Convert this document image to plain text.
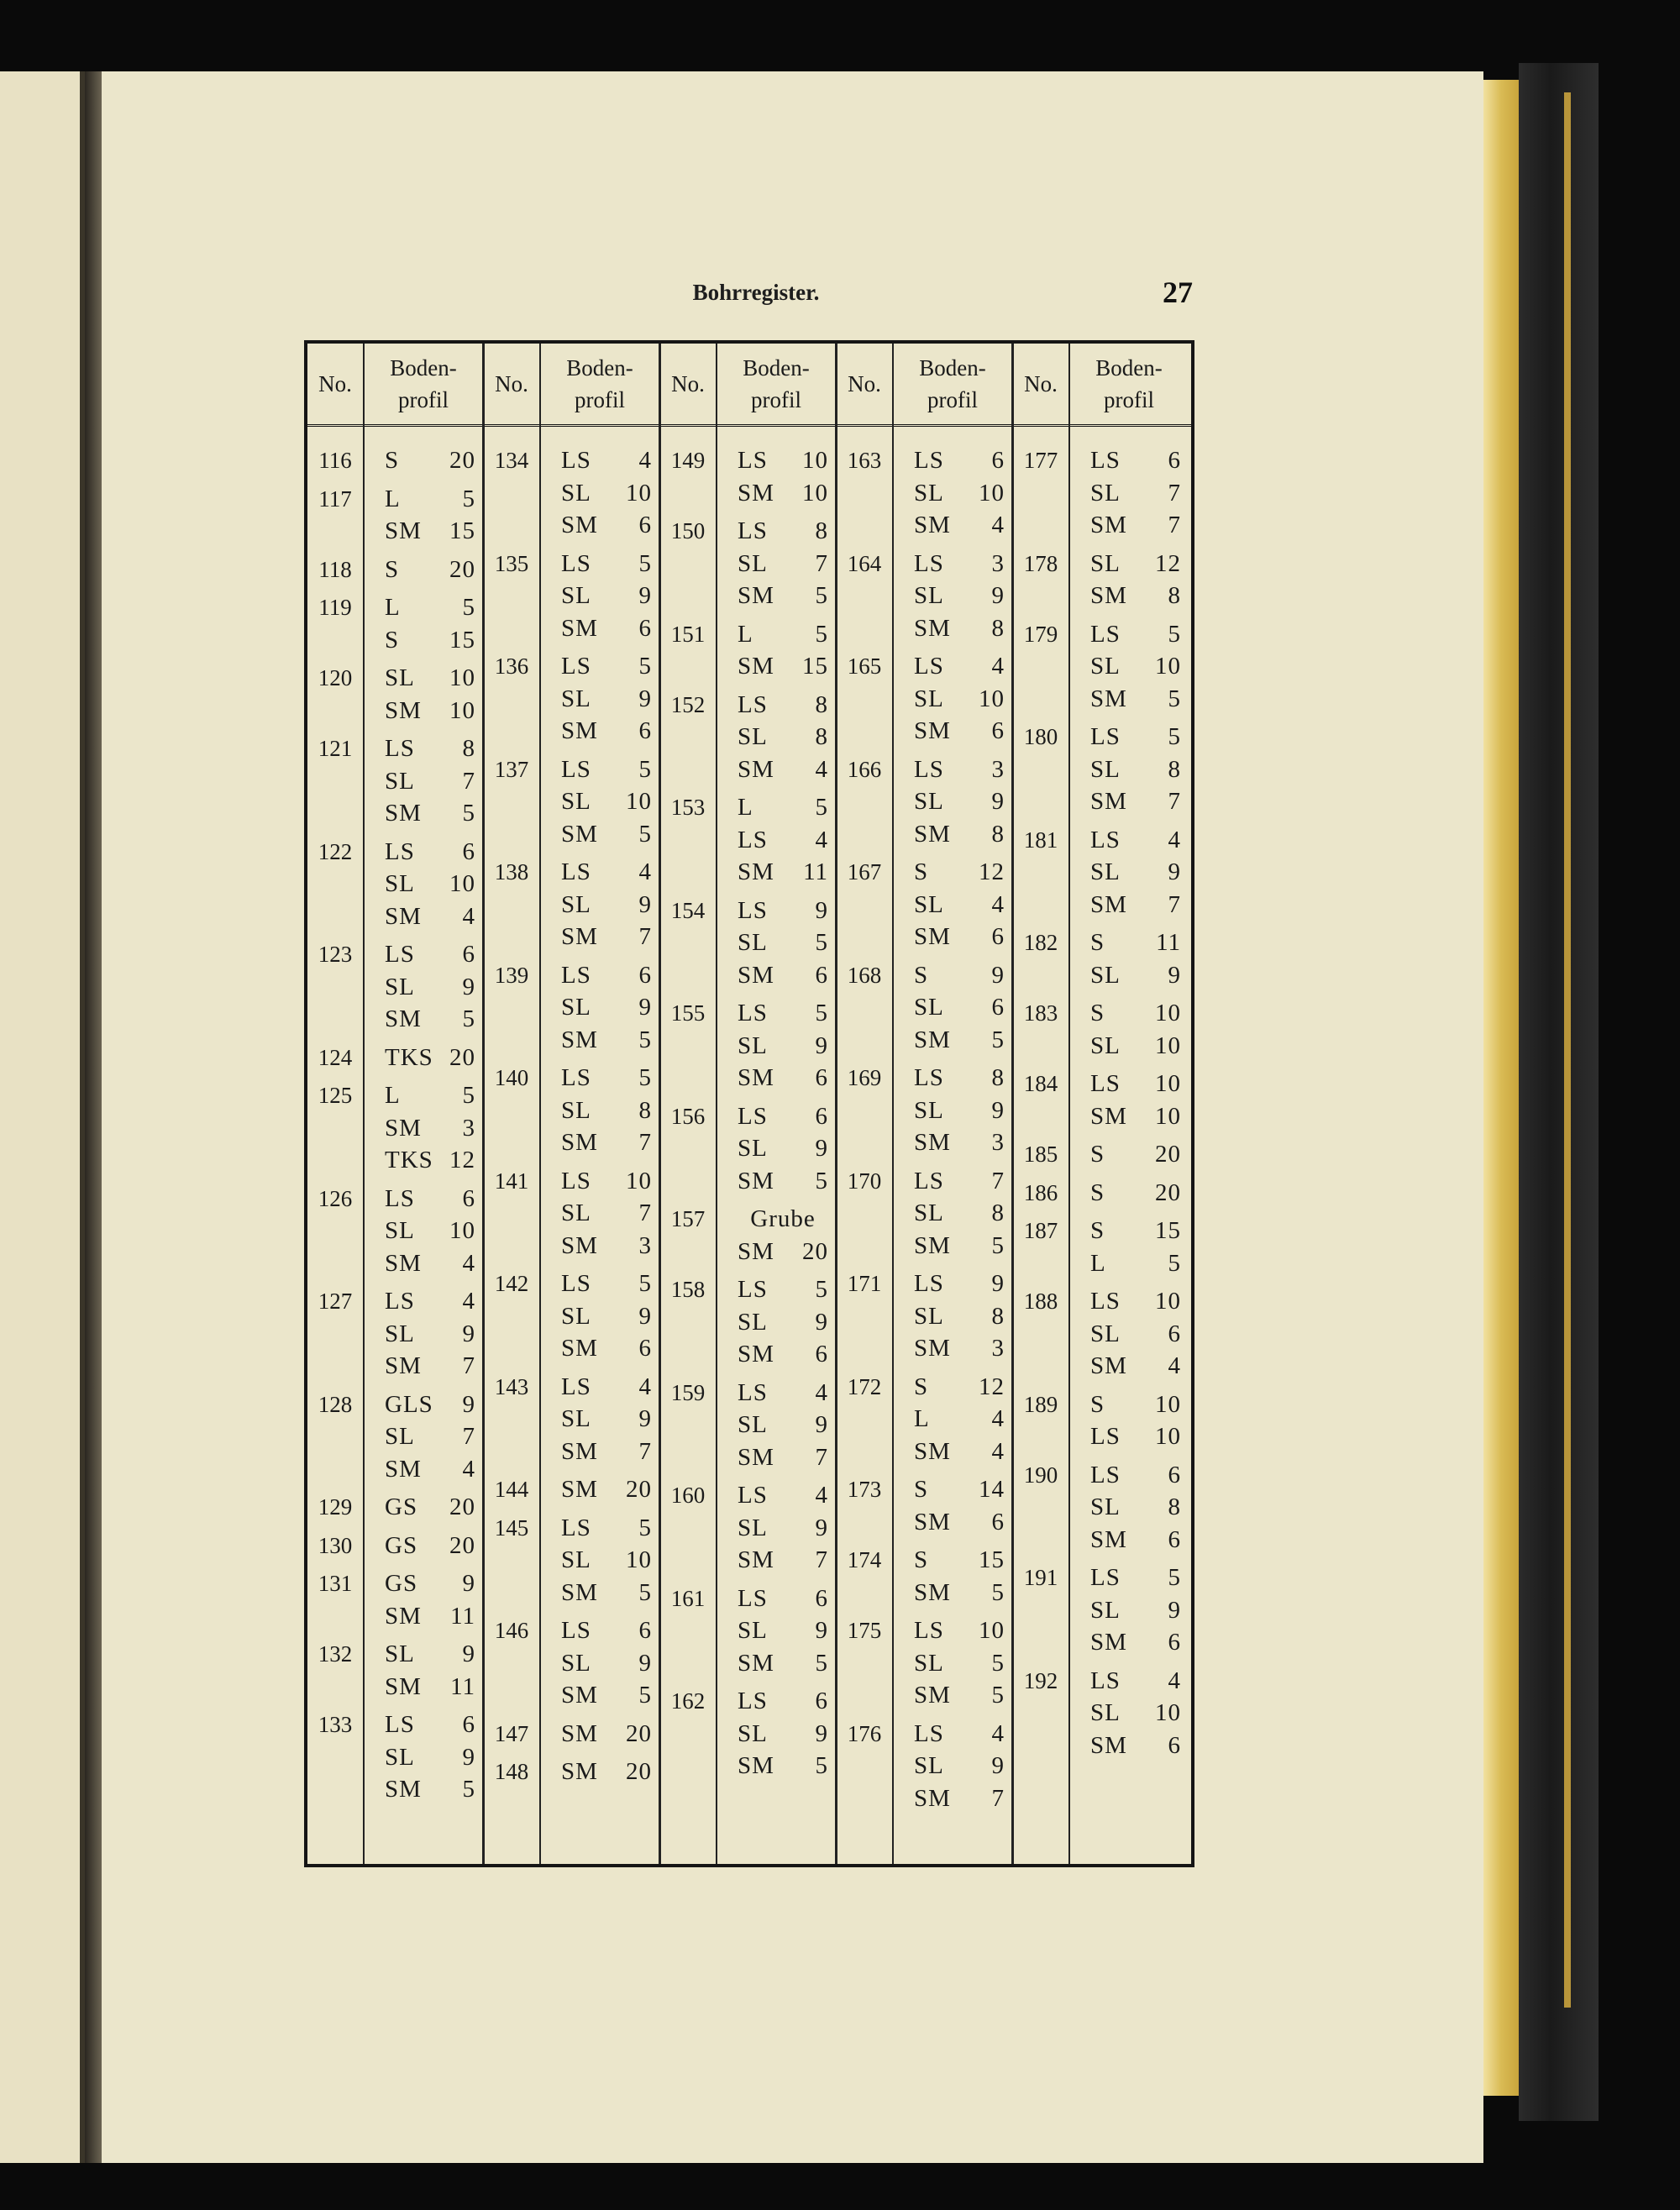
Bohrregister.	27
No.
Boden-
profil
No.
Boden-
profil
No.
Boden-
profil
No.
Boden-
profil
No.
Boden-
profil
116	S 20
117	L	5
SM 15
118	S 20
119	L	5
S 15
120	SL 10
SM 10
121	LS 8
SL 7
SM 5
122	LS 6
SL 10
SM 4
123	LS 6
SL 9
SM 5
124	TKS 20
125	L	5
SM 3
TKS 12
126	LS 6
SL 10
SM 4
127	LS 4
SL 9
SM 7
128	GLS 9
SL 7
SM 4
129	GS 20
130	GS 20
131	GS 9
SM 11
132	SL 9
SM 11
133	LS 6
SL 9
SM 5
134	LS 4
SL 10
SM 6
135	LS 5
SL 9
SM 6
136	LS 5
SL 9
SM 6
137	LS 5
SL 10
SM 5
138	LS 4
SL 9
SM 7
139	LS 6
SL 9
SM 5
140	LS 5
SL 8
SM 7
141	LS 10
SL 7
SM 3
142	LS 5
SL 9
SM 6
143	LS 4
SL 9
SM 7
144	SM 20
145	LS 5
SL 10
SM 5
146	LS 6
SL 9
SM 5
147	SM 20
148	SM 20
149	LS 10
SM 10
150	LS 8
SL 7
SM 5
151	L	5
SM 15
152	LS 8
SL 8
SM 4
153	L	5
LS 4
SM 11
154	LS 9
SL 5
SM 6
155	LS 5
SL 9
SM 6
156	LS 6
SL 9
SM 5
157	Grube
SM 20
158	LS 5
SL 9
SM 6
159	LS 4
SL 9
SM 7
160	LS 4
SL 9
SM 7
161	LS 6
SL 9
SM 5
162	LS 6
SL 9
SM 5
163	LS 6
SL 10
SM 4
164	LS 3
SL 9
SM 8
165	LS 4
SL 10
SM 6
166	LS 3
SL 9
SM 8
167	S 12
SL 4
SM 6
168	S	9
SL 6
SM 5
169	LS 8
SL 9
SM 3
170	LS 7
SL 8
SM 5
171	LS 9
SL 8
SM 3
172	S 12
L	4
SM 4
173	S 14
SM 6
174	S 15
SM 5
175	LS 10
SL 5
SM 5
176	LS 4
SL 9
SM 7
177	LS 6
SL 7
SM 7
178	SL 12
SM 8
179	LS 5
SL 10
SM 5
180	LS 5
SL 8
SM 7
181	LS 4
SL 9
SM 7
182	S 11
SL 9
183	S 10
SL 10
184	LS 10
SM 10
185	S 20
186	S 20
187	S 15
L	5
188	LS 10
SL 6
SM 4
189	S 10
LS 10
190	LS 6
SL 8
SM 6
191	LS 5
SL 9
SM 6
192	LS 4
SL 10
SM 6
